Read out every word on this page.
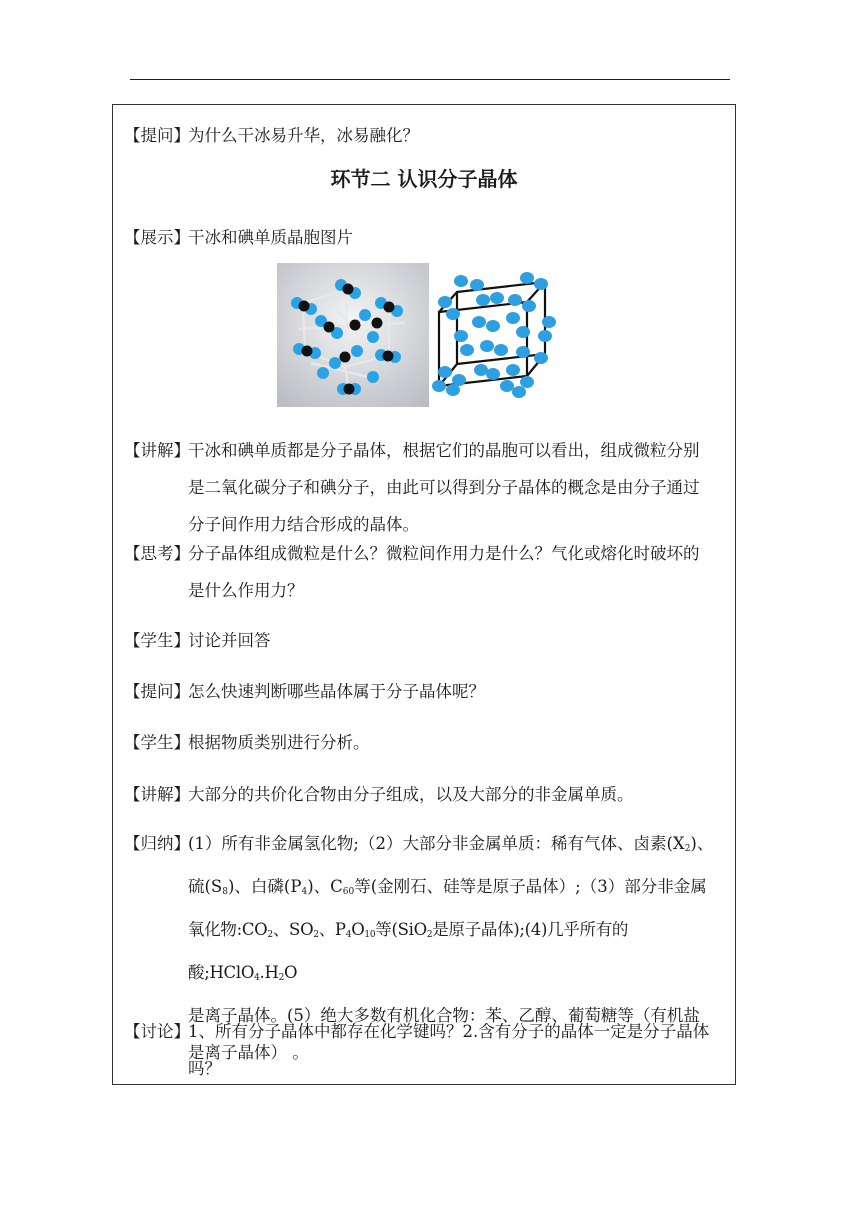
【提问】
为什么干冰易升华，冰易融化？
环节二 认识分子晶体
【展示】
干冰和碘单质晶胞图片
【讲解】
干冰和碘单质都是分子晶体，根据它们的晶胞可以看出，组成微粒分别
是二氧化碳分子和碘分子，由此可以得到分子晶体的概念是由分子通过
分子间作用力结合形成的晶体。
【思考】
分子晶体组成微粒是什么？微粒间作用力是什么？气化或熔化时破坏的
是什么作用力？
【学生】
讨论并回答
【提问】
怎么快速判断哪些晶体属于分子晶体呢？
【学生】
根据物质类别进行分析。
【讲解】
大部分的共价化合物由分子组成，以及大部分的非金属单质。
【归纳】
(1）所有非金属氢化物;（2）大部分非金属单质：稀有气体、卤素$(X_2)$、
硫$(S_8)$、白磷$(P_4)$、$C_{60}$等(金刚石、硅等是原子晶体）;（3）部分非金属
氧化物$:CO_2$、$SO_2$、$P_4O_{10}$等(SiO$_2$是原子晶体);(4)几乎所有的酸$;HClO_4.H_2O$
是离子晶体。(5）绝大多数有机化合物：苯、乙醇、葡萄糖等（有机盐
是离子晶体） 。
【讨论】
1、所有分子晶体中都存在化学键吗？2.含有分子的晶体一定是分子晶体
吗？
